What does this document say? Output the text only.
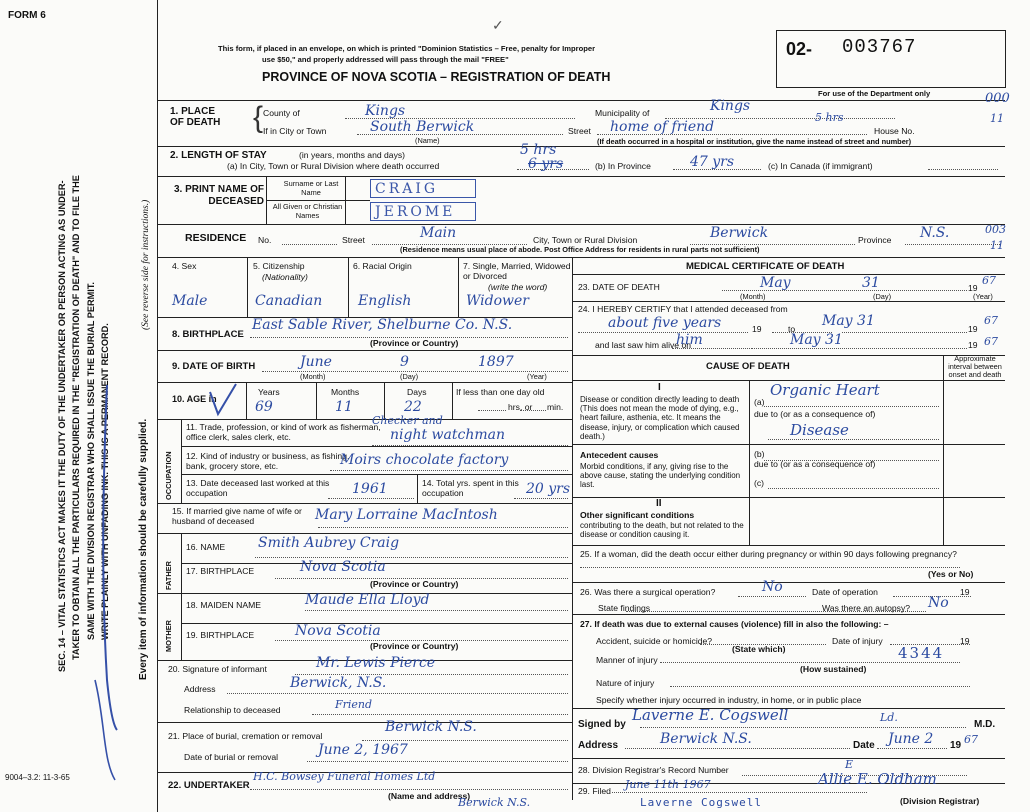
FORM 6
This form, if placed in an envelope, on which is printed "Dominion Statistics – Free, penalty for Improper
use $50," and properly addressed will pass through the mail "FREE"
PROVINCE OF NOVA SCOTIA – REGISTRATION OF DEATH
02- 003767
For use of the Department only	000
11
003
11
✓
SEC. 14 – VITAL STATISTICS ACT MAKES IT THE DUTY OF THE UNDERTAKER OR PERSON ACTING AS UNDER- TAKER TO OBTAIN ALL THE PARTICULARS REQUIRED IN THE "REGISTRATION OF DEATH" AND TO FILE THE SAME WITH THE DIVISION REGISTRAR WHO SHALL ISSUE THE BURIAL PERMIT. WRITE PLAINLY WITH UNFADING INK. THIS IS A PERMANENT RECORD.	Every item of information should be carefully supplied.
(See reverse side for instructions.)
1. PLACE OF DEATH	{ County of	Kings	Municipality of	Kings
5 hrs
If in City or Town	South Berwick
(Name)
Street home of friend	House No.
(If death occurred in a hospital or institution, give the name instead of street and number)
2. LENGTH OF STAY	(in years, months and days)
(a) In City, Town or Rural Division where death occurred
5 hrs
6 yrs	(b) In Province	47 yrs	(c) In Canada (if immigrant)
3. PRINT NAME OF DECEASED
Surname or Last Name	CRAIG
All Given or Christian Names	JEROME
RESIDENCE No.	Street	Main	City, Town or Rural Division	Berwick	Province N.S.
(Residence means usual place of abode. Post Office Address for residents in rural parts not sufficient)
4. Sex
Male
5. Citizenship
(Nationality)
Canadian
6. Racial Origin
English
7. Single, Married, Widowed or Divorced
(write the word)
Widower
8. BIRTHPLACE
East Sable River, Shelburne Co. N.S.
(Province or Country)
9. DATE OF BIRTH	June	9	1897
(Month)	(Day)	(Year)
10. AGE in
Years	Months	Days
69	11	22
If less than one day old
hrs. or min.
OCCUPATION
11. Trade, profession, or kind of work as fisherman, office clerk, sales clerk, etc.
Checker and
night watchman
12. Kind of industry or business, as fishing, bank, grocery store, etc.	Moirs chocolate factory
13. Date deceased last worked at this occupation	1961	14. Total yrs. spent in this occupation	20 yrs
15. If married give name of wife or husband of deceased	Mary Lorraine MacIntosh
FATHER
MOTHER
16. NAME Smith Aubrey Craig
17. BIRTHPLACE	Nova Scotia
(Province or Country)
18. MAIDEN NAME	Maude Ella Lloyd
19. BIRTHPLACE	Nova Scotia
(Province or Country)
20. Signature of informant	Mr. Lewis Pierce
Address	Berwick, N.S.
Relationship to deceased	Friend
21. Place of burial, cremation or removal
Berwick N.S.
Date of burial or removal	June 2, 1967
22. UNDERTAKER
H.C. Bowsey Funeral Homes Ltd
(Name and address)
Berwick N.S.
9004–3.2: 11-3-65
MEDICAL CERTIFICATE OF DEATH
23. DATE OF DEATH	May	31	19
67
(Month)	(Day)	(Year)
24. I HEREBY CERTIFY that I attended deceased from
about five years	19	to May 31	19
67
and last saw him alive on
him	May 31	19 67
CAUSE OF DEATH
Approximate interval between onset and death
I
Disease or condition directly leading to death (This does not mean the mode of dying, e.g., heart failure, asthenia, etc. It means the disease, injury, or complication which caused death.)
(a)
Organic Heart
due to (or as a consequence of)
Disease
Antecedent causes
Morbid conditions, if any, giving rise to the above cause, stating the underlying condition last.
(b)
due to (or as a consequence of)
(c)
II
Other significant conditions
contributing to the death, but not related to the disease or condition causing it.
25. If a woman, did the death occur either during pregnancy or within 90 days following pregnancy?
(Yes or No)
26. Was there a surgical operation?	No	Date of operation	19
State findings	Was there an autopsy? No
27. If death was due to external causes (violence) fill in also the following: –
Accident, suicide or homicide?	Date of injury	19
(State which)	4344
Manner of injury
(How sustained)
Nature of injury
Specify whether injury occurred in industry, in home, or in public place
Signed by
Laverne E. Cogswell	Ld.
M.D.
Address	Berwick N.S.	Date June 2 19 67
28. Division Registrar's Record Number	E
29. Filed June 11th 1967	Allie E. Oldham
(Division Registrar)
Laverne Cogswell
